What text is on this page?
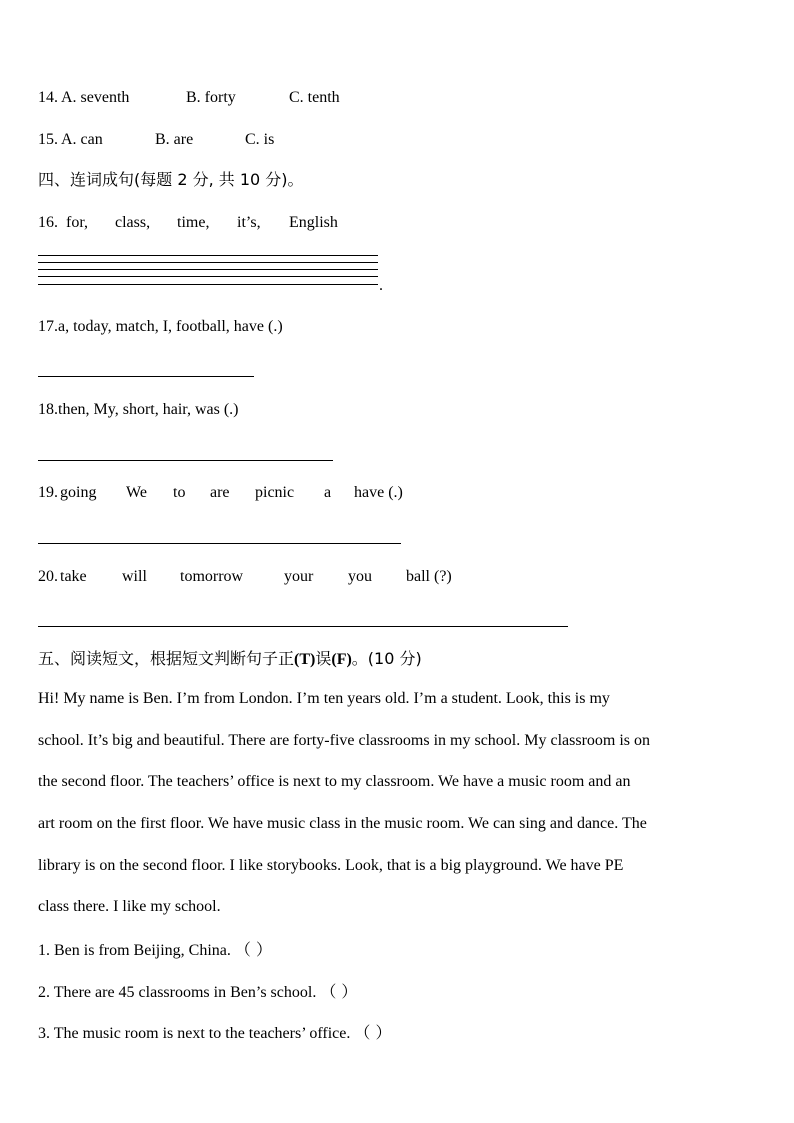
14. A. seventh	B. forty	C. tenth
15. A. can	B. are	C. is
四、连词成句(每题 2 分, 共 10 分)。
16. for, class, time, it’s, English
.
17.a, today, match, I, football, have (.)
18.then, My, short, hair, was (.)
19. going We to are picnic a have (.)
20. take will tomorrow	your you ball (?)
五、阅读短文，根据短文判断句子正(T)误(F)。(10 分)
Hi! My name is Ben. I’m from London. I’m ten years old. I’m a student. Look, this is my
school. It’s big and beautiful. There are forty-five classrooms in my school. My classroom is on
the second floor. The teachers’ office is next to my classroom. We have a music room and an
art room on the first floor. We have music class in the music room. We can sing and dance. The
library is on the second floor. I like storybooks. Look, that is a big playground. We have PE
class there. I like my school.
1. Ben is from Beijing, China. （ ）
2. There are 45 classrooms in Ben’s school. （ ）
3. The music room is next to the teachers’ office. （ ）
